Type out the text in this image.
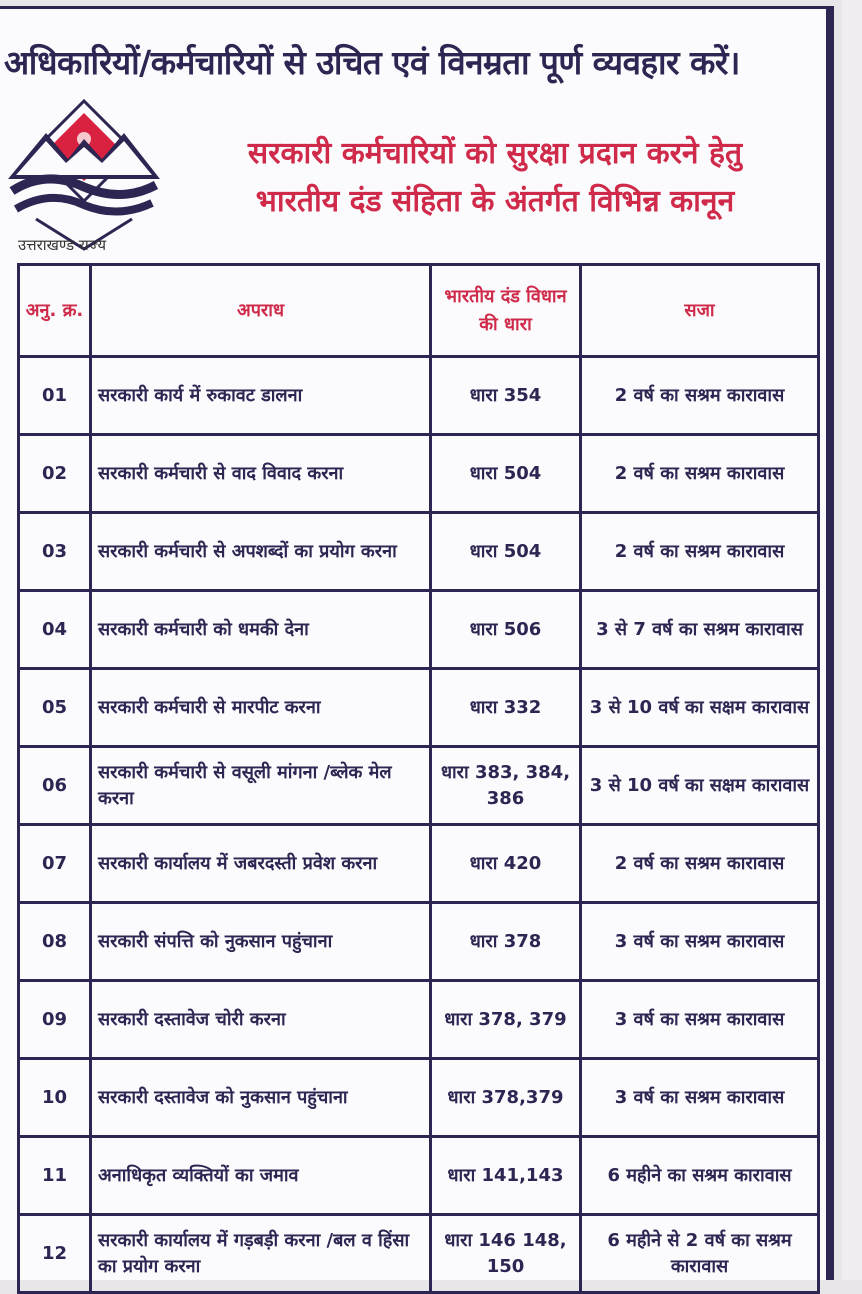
अधिकारियों/कर्मचारियों से उचित एवं विनम्रता पूर्ण व्यवहार करें।
उत्तराखण्ड राज्य
सरकारी कर्मचारियों को सुरक्षा प्रदान करने हेतु
भारतीय दंड संहिता के अंतर्गत विभिन्न कानून
अनु. क्र.	अपराध	भारतीय दंड विधान की धारा	सजा
01	सरकारी कार्य में रुकावट डालना	धारा 354	2 वर्ष का सश्रम कारावास
02	सरकारी कर्मचारी से वाद विवाद करना	धारा 504	2 वर्ष का सश्रम कारावास
03	सरकारी कर्मचारी से अपशब्दों का प्रयोग करना	धारा 504	2 वर्ष का सश्रम कारावास
04	सरकारी कर्मचारी को धमकी देना	धारा 506	3 से 7 वर्ष का सश्रम कारावास
05	सरकारी कर्मचारी से मारपीट करना	धारा 332	3 से 10 वर्ष का सक्षम कारावास
06	सरकारी कर्मचारी से वसूली मांगना /ब्लेक मेल करना	धारा 383, 384, 386	3 से 10 वर्ष का सक्षम कारावास
07	सरकारी कार्यालय में जबरदस्ती प्रवेश करना	धारा 420	2 वर्ष का सश्रम कारावास
08	सरकारी संपत्ति को नुकसान पहुंचाना	धारा 378	3 वर्ष का सश्रम कारावास
09	सरकारी दस्तावेज चोरी करना	धारा 378, 379	3 वर्ष का सश्रम कारावास
10	सरकारी दस्तावेज को नुकसान पहुंचाना	धारा 378,379	3 वर्ष का सश्रम कारावास
11	अनाधिकृत व्यक्तियों का जमाव	धारा 141,143	6 महीने का सश्रम कारावास
12	सरकारी कार्यालय में गड़बड़ी करना /बल व हिंसा का प्रयोग करना	धारा 146 148, 150	6 महीने से 2 वर्ष का सश्रम कारावास
